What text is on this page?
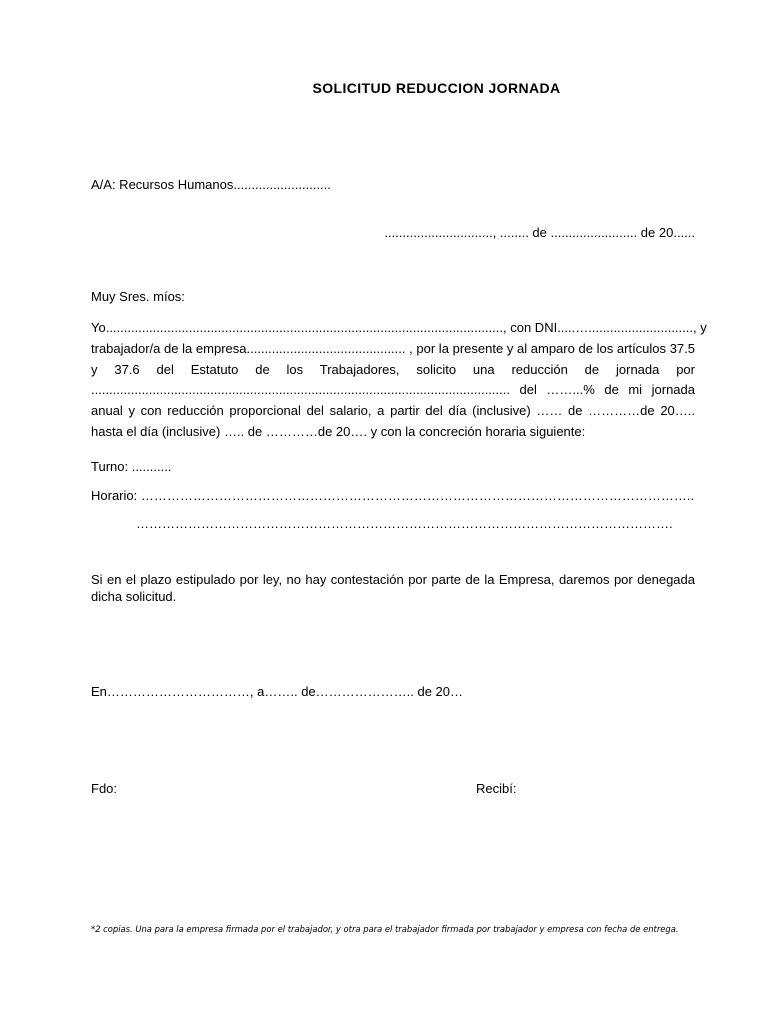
SOLICITUD REDUCCION JORNADA
A/A: Recursos Humanos...........................
.............................., ........ de ........................ de 20......
Muy Sres. míos:
Yo.............................................................................................................., con DNI.....…............................., y
trabajador/a de la empresa............................................ , por la presente y al amparo de los artículos 37.5
y 37.6 del Estatuto de los Trabajadores, solicito una reducción de jornada por
.................................................................................................................... del ……...% de mi jornada
anual y con reducción proporcional del salario, a partir del día (inclusive) …… de …………de 20…..
hasta el día (inclusive) ….. de …………de 20…. y con la concreción horaria siguiente:
Turno: ...........
Horario: ………………………………………………………………………………………………………………..
…………………………………………………………………………………………………………….
Si en el plazo estipulado por ley, no hay contestación por parte de la Empresa, daremos por denegada
dicha solicitud.
En……………………………, a…….. de………………….. de 20…
Fdo:	Recibí:
*2 copias. Una para la empresa firmada por el trabajador, y otra para el trabajador firmada por trabajador y empresa con fecha de entrega.
